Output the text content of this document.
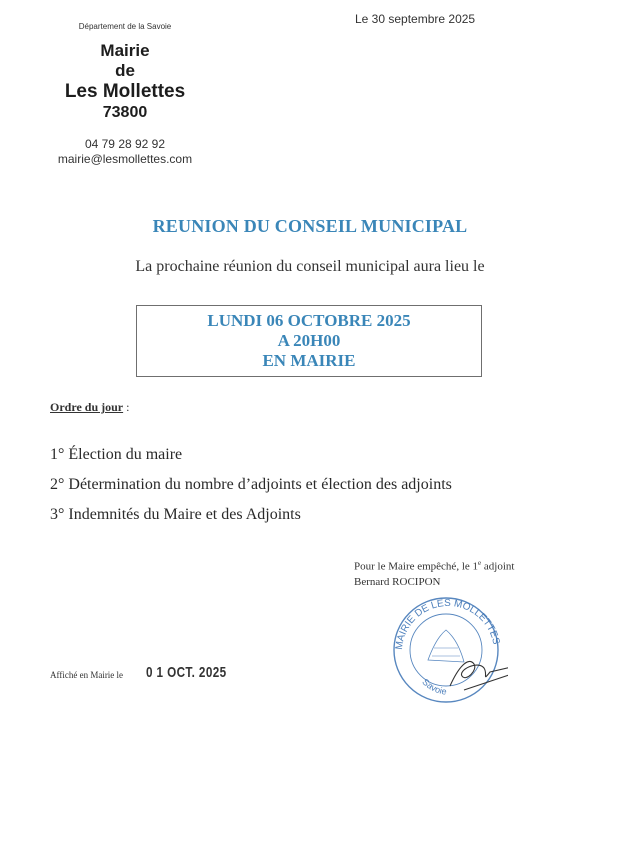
Département de la Savoie
Mairie
de
Les Mollettes
73800
04 79 28 92 92
mairie@lesmollettes.com
Le 30 septembre 2025
REUNION DU CONSEIL MUNICIPAL
La prochaine réunion du conseil municipal aura lieu le
LUNDI 06 OCTOBRE 2025
A 20H00
EN MAIRIE
Ordre du jour :
1° Élection du maire
2° Détermination du nombre d’adjoints et élection des adjoints
3° Indemnités du Maire et des Adjoints
Pour le Maire empêché, le 1e adjoint
Bernard ROCIPON
MAIRIE DE LES MOLLETTES
Savoie
Affiché en Mairie le 0 1 OCT. 2025
